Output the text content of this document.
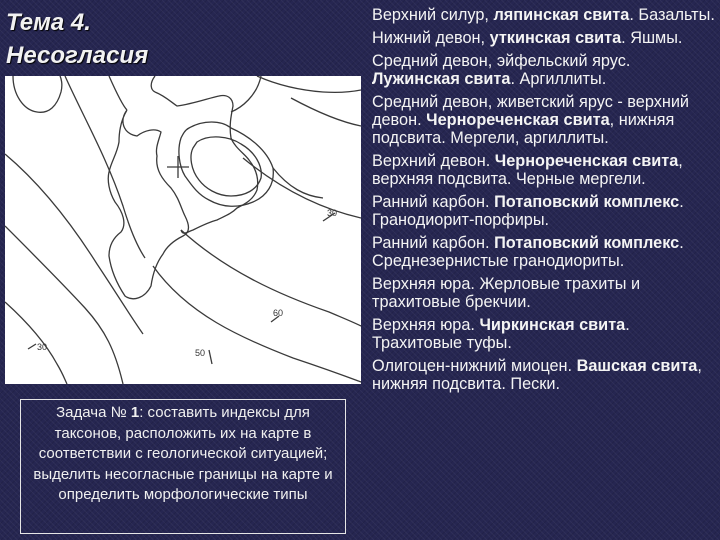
Тема 4.
Несогласия
30
60
30
50
Задача № 1: составить индексы для таксонов, расположить их на карте в соответствии с геологической ситуацией; выделить несогласные границы на карте и определить морфологические типы
Верхний силур, ляпинская свита. Базальты.
Нижний девон, уткинская свита. Яшмы.
Средний девон, эйфельский ярус. Лужинская свита. Аргиллиты.
Средний девон, живетский ярус - верхний девон. Чернореченская свита, нижняя подсвита. Мергели, аргиллиты.
Верхний девон. Чернореченская свита, верхняя подсвита. Черные мергели.
Ранний карбон. Потаповский комплекс. Гранодиорит-порфиры.
Ранний карбон. Потаповский комплекс. Среднезернистые гранодиориты.
Верхняя юра. Жерловые трахиты и трахитовые брекчии.
Верхняя юра. Чиркинская свита. Трахитовые туфы.
Олигоцен-нижний миоцен. Вашская свита, нижняя подсвита. Пески.
